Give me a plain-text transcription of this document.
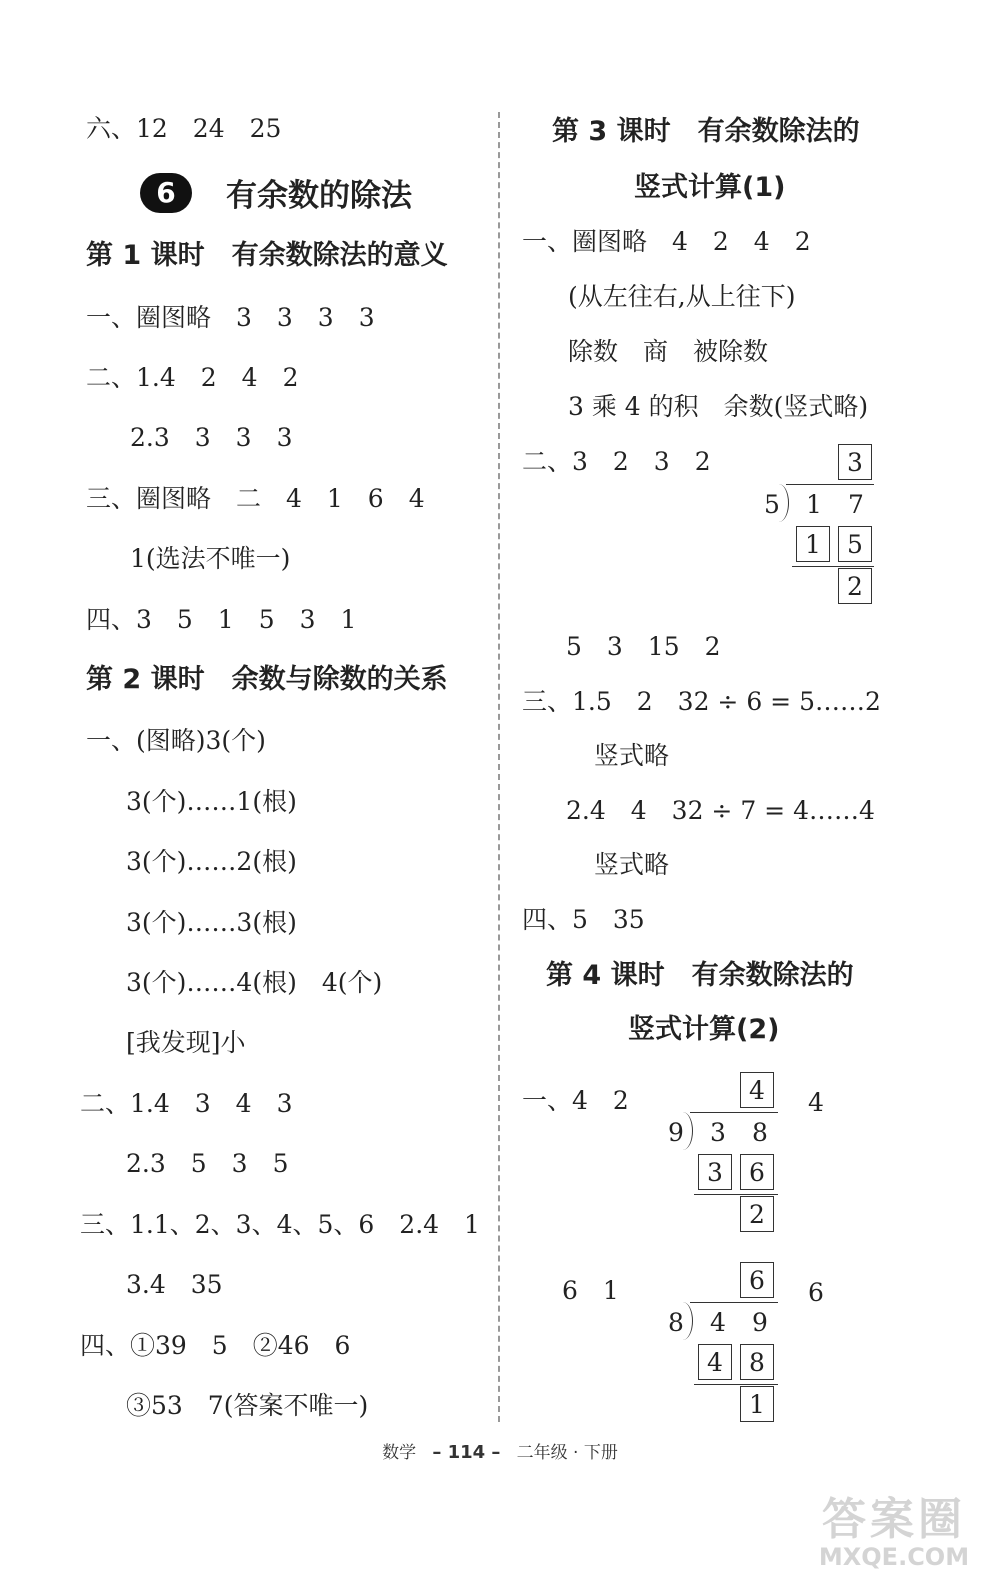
六、12　24　25
6	有余数的除法
第 1 课时　有余数除法的意义
一、圈图略　3　3　3　3
二、1.4　2　4　2
2.3　3　3　3
三、圈图略　二　4　1　6　4
1(选法不唯一)
四、3　5　1　5　3　1
第 2 课时　余数与除数的关系
一、(图略)3(个)
3(个)……1(根)
3(个)……2(根)
3(个)……3(根)
3(个)……4(根)　4(个)
[我发现]小
二、1.4　3　4　3
2.3　5　3　5
三、1.1、2、3、4、5、6　2.4　1
3.4　35
四、①39　5　②46　6
③53　7(答案不唯一)
第 3 课时　有余数除法的
竖式计算(1)
一、圈图略　4　2　4　2
(从左往右,从上往下)
除数　商　被除数
3 乘 4 的积　余数(竖式略)
二、3　2　3　2	3
5 1 7
1	5
2
5　3　15　2
三、1.5　2　32 ÷ 6 = 5……2
竖式略
2.4　4　32 ÷ 7 = 4……4
竖式略
四、5　35
第 4 课时　有余数除法的
竖式计算(2)
一、4　2	4	4
9 3 8
3	6
2
6　1	6	6
8 4 9
4	8
1
数学 – 114 – 二年级 · 下册
答案圈
MXQE.COM
